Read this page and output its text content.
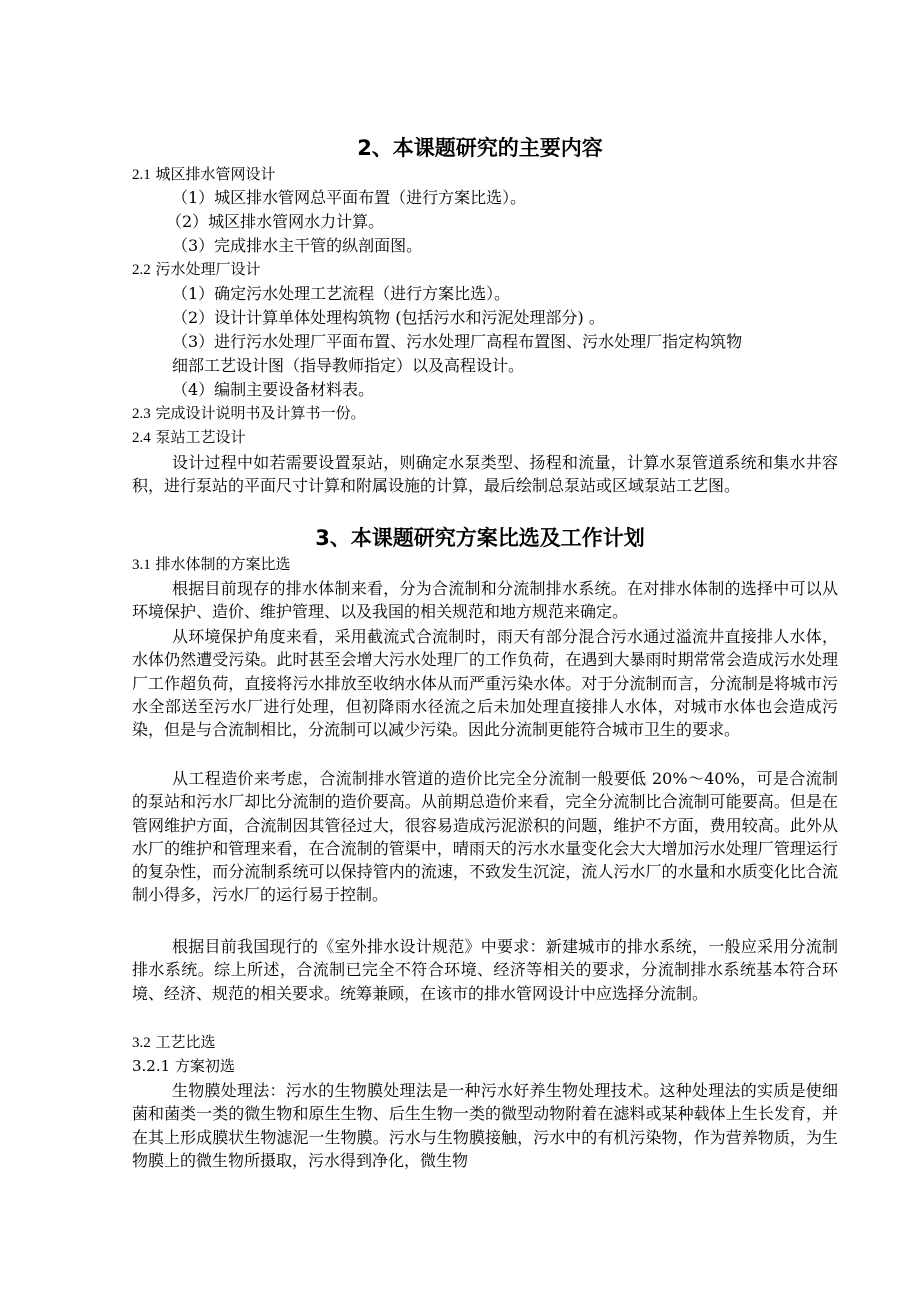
2、本课题研究的主要内容
2.1 城区排水管网设计
（1）城区排水管网总平面布置（进行方案比选）。
（2）城区排水管网水力计算。
（3）完成排水主干管的纵剖面图。
2.2 污水处理厂设计
（1）确定污水处理工艺流程（进行方案比选）。
（2）设计计算单体处理构筑物 (包括污水和污泥处理部分) 。
（3）进行污水处理厂平面布置、污水处理厂高程布置图、污水处理厂指定构筑物
细部工艺设计图（指导教师指定）以及高程设计。
（4）编制主要设备材料表。
2.3 完成设计说明书及计算书一份。
2.4 泵站工艺设计
设计过程中如若需要设置泵站，则确定水泵类型、扬程和流量，计算水泵管道系统和集水井容积，进行泵站的平面尺寸计算和附属设施的计算，最后绘制总泵站或区域泵站工艺图。
3、本课题研究方案比选及工作计划
3.1 排水体制的方案比选
根据目前现存的排水体制来看，分为合流制和分流制排水系统。在对排水体制的选择中可以从环境保护、造价、维护管理、以及我国的相关规范和地方规范来确定。
从环境保护角度来看，采用截流式合流制时，雨天有部分混合污水通过溢流井直接排人水体，水体仍然遭受污染。此时甚至会增大污水处理厂的工作负荷，在遇到大暴雨时期常常会造成污水处理厂工作超负荷，直接将污水排放至收纳水体从而严重污染水体。对于分流制而言，分流制是将城市污水全部送至污水厂进行处理，但初降雨水径流之后未加处理直接排人水体，对城市水体也会造成污染，但是与合流制相比，分流制可以减少污染。因此分流制更能符合城市卫生的要求。
从工程造价来考虑，合流制排水管道的造价比完全分流制一般要低 20%～40%，可是合流制的泵站和污水厂却比分流制的造价要高。从前期总造价来看，完全分流制比合流制可能要高。但是在管网维护方面，合流制因其管径过大，很容易造成污泥淤积的问题，维护不方面，费用较高。此外从水厂的维护和管理来看，在合流制的管渠中，晴雨天的污水水量变化会大大增加污水处理厂管理运行的复杂性，而分流制系统可以保持管内的流速，不致发生沉淀，流人污水厂的水量和水质变化比合流制小得多，污水厂的运行易于控制。
根据目前我国现行的《室外排水设计规范》中要求：新建城市的排水系统，一般应采用分流制排水系统。综上所述，合流制已完全不符合环境、经济等相关的要求，分流制排水系统基本符合环境、经济、规范的相关要求。统筹兼顾，在该市的排水管网设计中应选择分流制。
3.2 工艺比选
3.2.1 方案初选
生物膜处理法：污水的生物膜处理法是一种污水好养生物处理技术。这种处理法的实质是使细菌和菌类一类的微生物和原生生物、后生生物一类的微型动物附着在滤料或某种载体上生长发育，并在其上形成膜状生物滤泥一生物膜。污水与生物膜接触，污水中的有机污染物，作为营养物质，为生物膜上的微生物所摄取，污水得到净化，微生物
